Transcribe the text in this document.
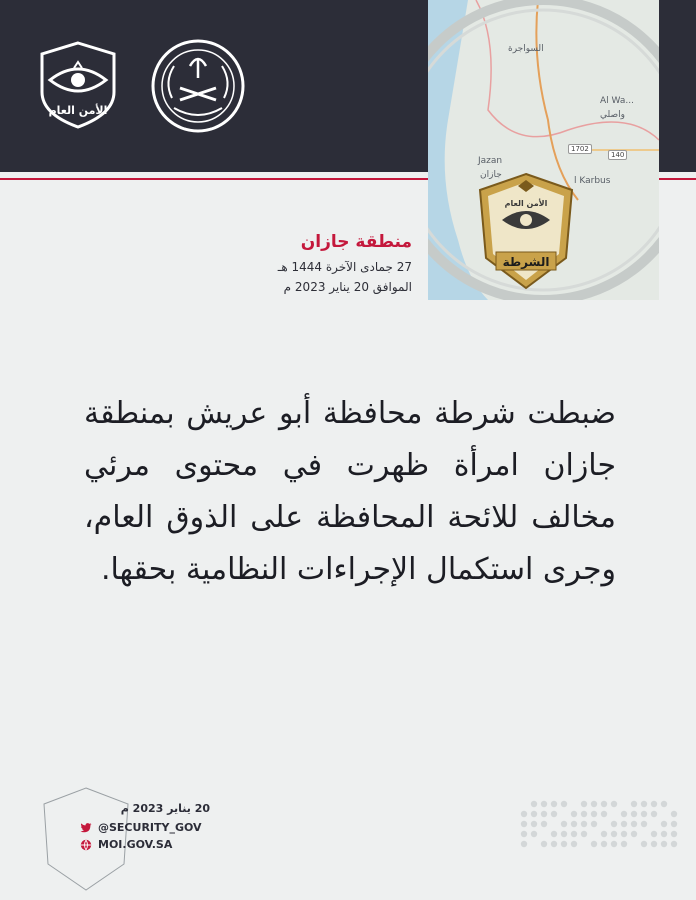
الأمن العام
السواجرة
Al Wa...
واصلي
Jazan
جازان
l Karbus
1702
140
الأمن العام
الشرطة
منطقة جازان
27 جمادى الآخرة 1444 هـ
الموافق 20 يناير 2023 م
ضبطت شرطة محافظة أبو عريش بمنطقة جازان امرأة ظهرت في محتوى مرئي مخالف للائحة المحافظة على الذوق العام، وجرى استكمال الإجراءات النظامية بحقها.
20 يناير 2023 م
@SECURITY_GOV
MOI.GOV.SA
